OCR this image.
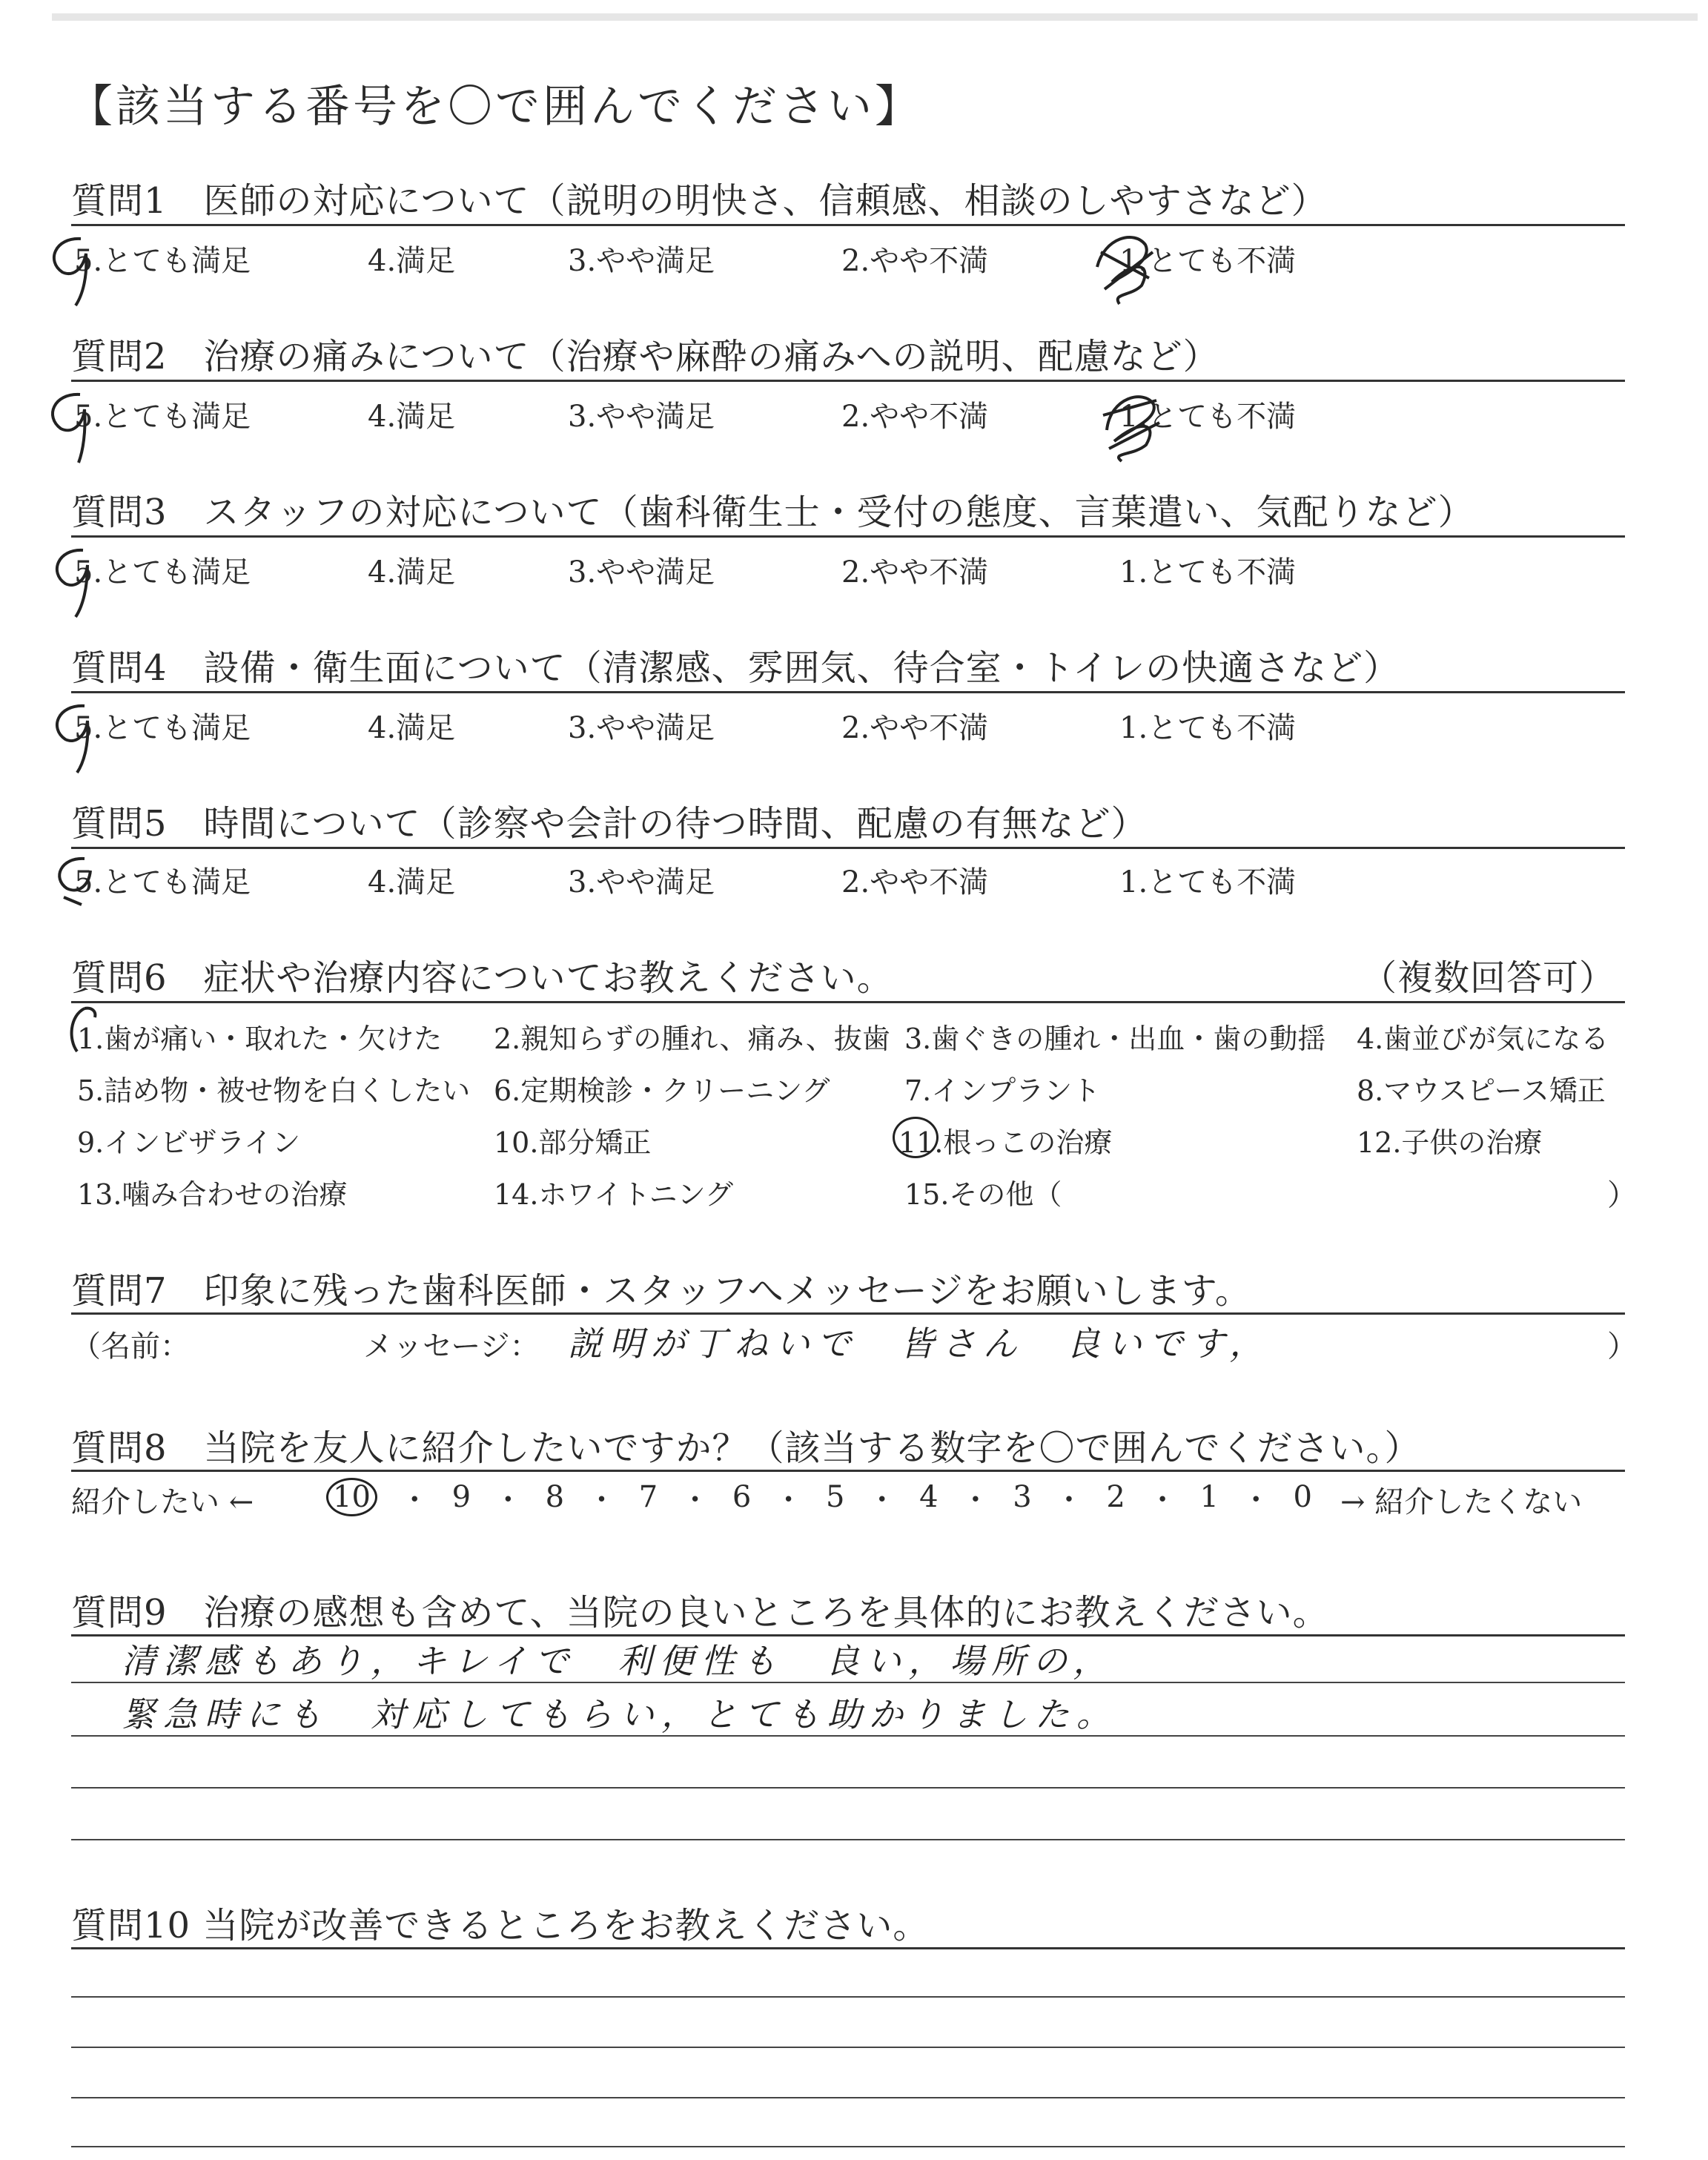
【該当する番号を〇で囲んでください】
質問1　医師の対応について（説明の明快さ、信頼感、相談のしやすさなど）
5.とても満足	4.満足	3.やや満足	2.やや不満	1.とても不満
質問2　治療の痛みについて（治療や麻酔の痛みへの説明、配慮など）
5.とても満足	4.満足	3.やや満足	2.やや不満	1.とても不満
質問3　スタッフの対応について（歯科衛生士・受付の態度、言葉遣い、気配りなど）
5.とても満足	4.満足	3.やや満足	2.やや不満	1.とても不満
質問4　設備・衛生面について（清潔感、雰囲気、待合室・トイレの快適さなど）
5.とても満足	4.満足	3.やや満足	2.やや不満	1.とても不満
質問5　時間について（診察や会計の待つ時間、配慮の有無など）
5.とても満足	4.満足	3.やや満足	2.やや不満	1.とても不満
質問6　症状や治療内容についてお教えください。	（複数回答可）
1.歯が痛い・取れた・欠けた 2.親知らずの腫れ、痛み、抜歯 3.歯ぐきの腫れ・出血・歯の動揺 4.歯並びが気になる
5.詰め物・被せ物を白くしたい 6.定期検診・クリーニング	7.インプラント	8.マウスピース矯正
9.インビザライン	10.部分矯正	11.根っこの治療	12.子供の治療
13.噛み合わせの治療	14.ホワイトニング	15.その他（	）
質問7　印象に残った歯科医師・スタッフへメッセージをお願いします。
（名前：	メッセージ： 説明が丁ねいで　皆さん　良いです，	）
質問8　当院を友人に紹介したいですか？（該当する数字を〇で囲んでください。）
紹介したい ←	10 ・ 9 ・ 8 ・ 7 ・ 6 ・ 5 ・ 4 ・ 3 ・ 2 ・ 1 ・ 0 → 紹介したくない
質問9　治療の感想も含めて、当院の良いところを具体的にお教えください。
清潔感もあり，キレイで　利便性も　良い，場所の，
緊急時にも　対応してもらい，とても助かりました。
質問10 当院が改善できるところをお教えください。
